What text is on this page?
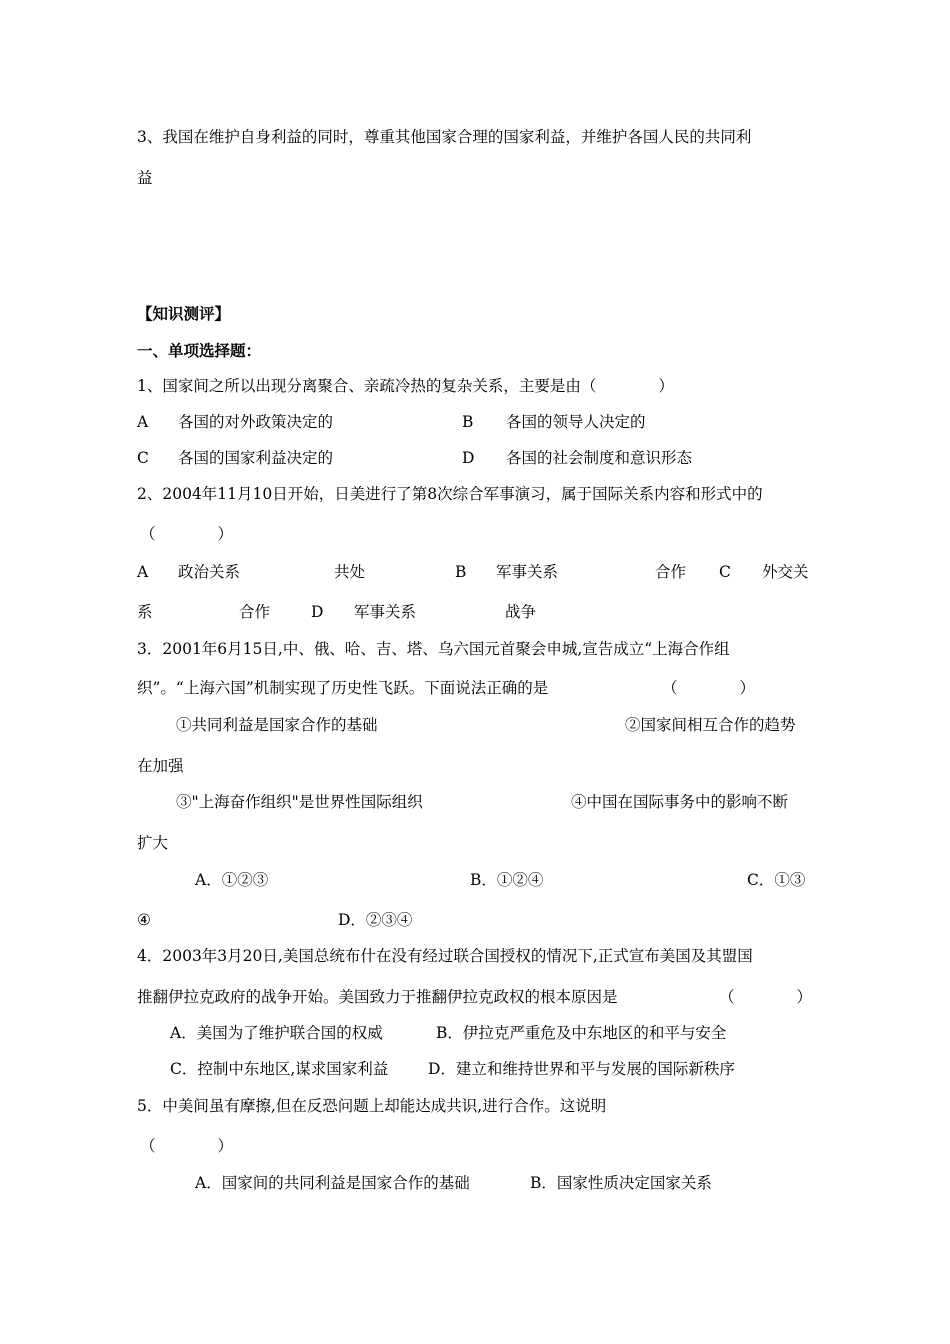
3、我国在维护自身利益的同时，尊重其他国家合理的国家利益，并维护各国人民的共同利
益
【知识测评】
一、单项选择题：
1、国家间之所以出现分离聚合、亲疏冷热的复杂关系，主要是由（　　　　）
A 各国的对外政策决定的	B 各国的领导人决定的
C 各国的国家利益决定的	D 各国的社会制度和意识形态
2、2004年11月10日开始，日美进行了第8次综合军事演习，属于国际关系内容和形式中的
（　　　　）
A 政治关系	共处	B 军事关系	合作 C 外交关
系	合作	D 军事关系	战争
3．2001年6月15日,中、俄、哈、吉、塔、乌六国元首聚会申城,宣告成立“上海合作组
织”。“上海六国”机制实现了历史性飞跃。下面说法正确的是	（　　　　）
①共同利益是国家合作的基础	②国家间相互合作的趋势
在加强
③"上海奋作组织"是世界性国际组织	④中国在国际事务中的影响不断
扩大
A．①②③	B．①②④	C．①③
④	D．②③④
4．2003年3月20日,美国总统布什在没有经过联合国授权的情况下,正式宣布美国及其盟国
推翻伊拉克政府的战争开始。美国致力于推翻伊拉克政权的根本原因是	（　　　　）
A．美国为了维护联合国的权威	B．伊拉克严重危及中东地区的和平与安全
C．控制中东地区,谋求国家利益	D．建立和维持世界和平与发展的国际新秩序
5．中美间虽有摩擦,但在反恐问题上却能达成共识,进行合作。这说明
（　　　　）
A．国家间的共同利益是国家合作的基础	B．国家性质决定国家关系
